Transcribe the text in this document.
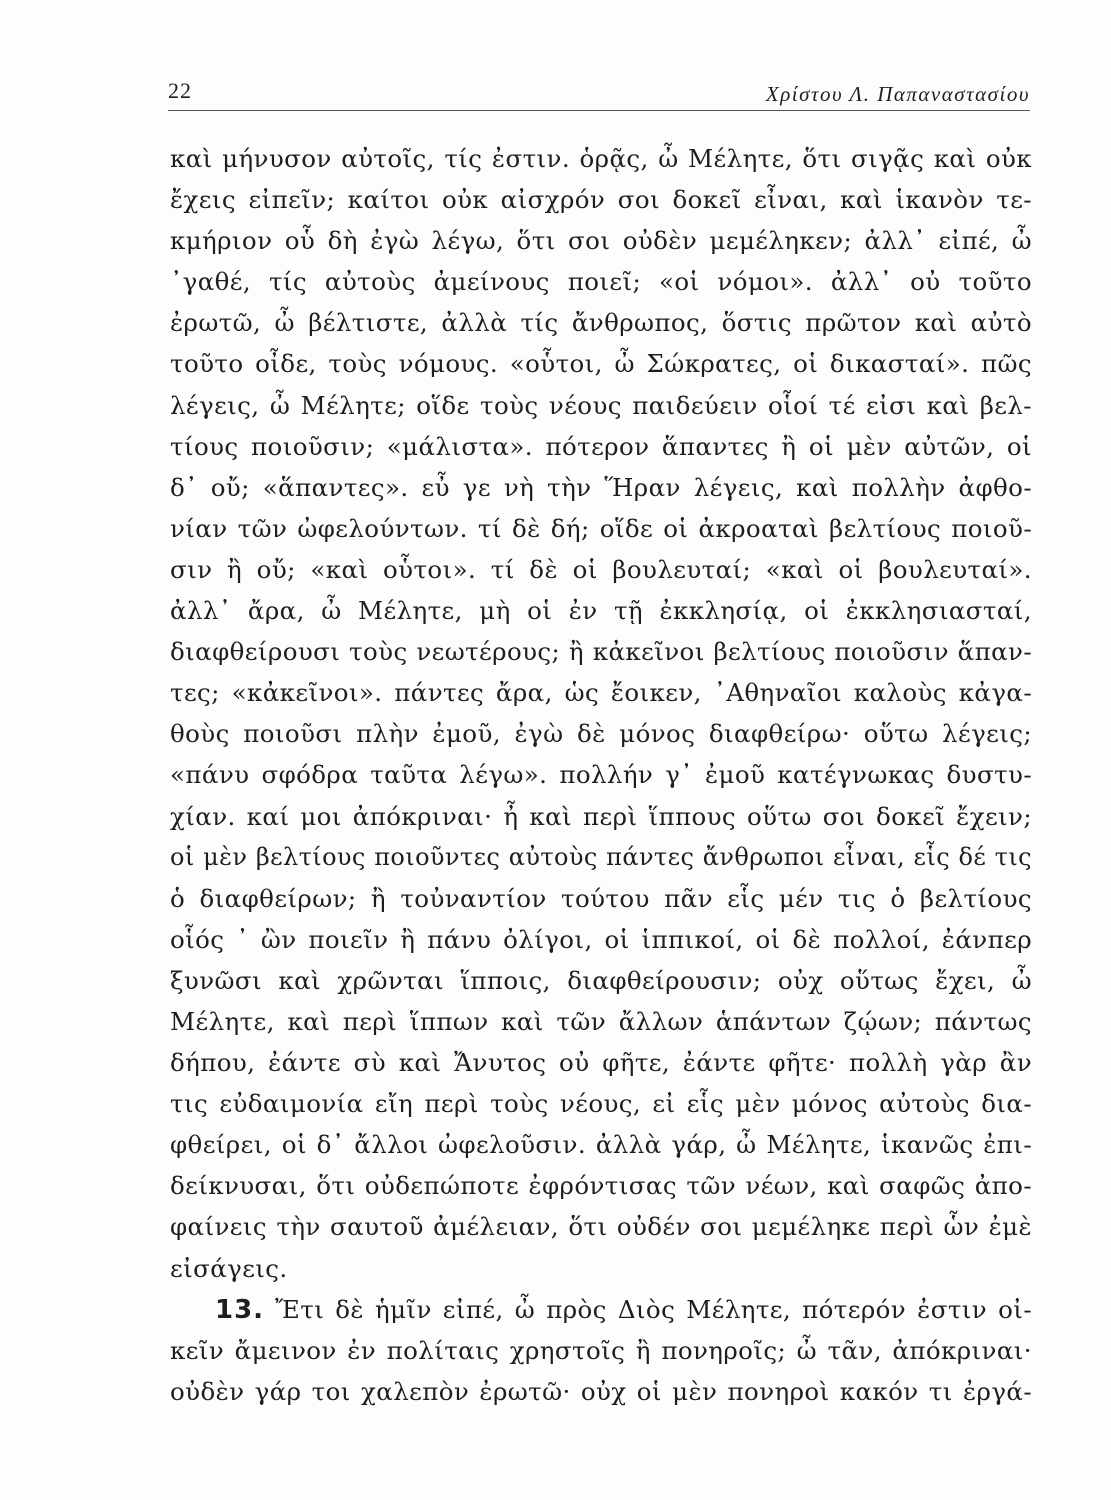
22	Χρίστου Λ. Παπαναστασίου
καὶ μήνυσον αὐτοῖς, τίς ἐστιν. ὁρᾷς, ὦ Μέλητε, ὅτι σιγᾷς καὶ οὐκ
ἔχεις εἰπεῖν; καίτοι οὐκ αἰσχρόν σοι δοκεῖ εἶναι, καὶ ἱκανὸν τε-
κμήριον οὗ δὴ ἐγὼ λέγω, ὅτι σοι οὐδὲν μεμέληκεν; ἀλλ᾿ εἰπέ, ὦ
᾿γαθέ, τίς αὐτοὺς ἀμείνους ποιεῖ; «οἱ νόμοι». ἀλλ᾿ οὐ τοῦτο
ἐρωτῶ, ὦ βέλτιστε, ἀλλὰ τίς ἄνθρωπος, ὅστις πρῶτον καὶ αὐτὸ
τοῦτο οἶδε, τοὺς νόμους. «οὗτοι, ὦ Σώκρατες, οἱ δικασταί». πῶς
λέγεις, ὦ Μέλητε; οἵδε τοὺς νέους παιδεύειν οἷοί τέ εἰσι καὶ βελ-
τίους ποιοῦσιν; «μάλιστα». πότερον ἅπαντες ἢ οἱ μὲν αὐτῶν, οἱ
δ᾿ οὔ; «ἅπαντες». εὖ γε νὴ τὴν Ἥραν λέγεις, καὶ πολλὴν ἀφθο-
νίαν τῶν ὠφελούντων. τί δὲ δή; οἵδε οἱ ἀκροαταὶ βελτίους ποιοῦ-
σιν ἢ οὔ; «καὶ οὗτοι». τί δὲ οἱ βουλευταί; «καὶ οἱ βουλευταί».
ἀλλ᾿ ἄρα, ὦ Μέλητε, μὴ οἱ ἐν τῇ ἐκκλησίᾳ, οἱ ἐκκλησιασταί,
διαφθείρουσι τοὺς νεωτέρους; ἢ κἀκεῖνοι βελτίους ποιοῦσιν ἅπαν-
τες; «κἀκεῖνοι». πάντες ἄρα, ὡς ἔοικεν, ᾿Αθηναῖοι καλοὺς κἀγα-
θοὺς ποιοῦσι πλὴν ἐμοῦ, ἐγὼ δὲ μόνος διαφθείρω· οὕτω λέγεις;
«πάνυ σφόδρα ταῦτα λέγω». πολλήν γ᾿ ἐμοῦ κατέγνωκας δυστυ-
χίαν. καί μοι ἀπόκριναι· ἦ καὶ περὶ ἵππους οὕτω σοι δοκεῖ ἔχειν;
οἱ μὲν βελτίους ποιοῦντες αὐτοὺς πάντες ἄνθρωποι εἶναι, εἷς δέ τις
ὁ διαφθείρων; ἢ τοὐναντίον τούτου πᾶν εἷς μέν τις ὁ βελτίους
οἷός ᾿ ὢν ποιεῖν ἢ πάνυ ὀλίγοι, οἱ ἱππικοί, οἱ δὲ πολλοί, ἐάνπερ
ξυνῶσι καὶ χρῶνται ἵπποις, διαφθείρουσιν; οὐχ οὕτως ἔχει, ὦ
Μέλητε, καὶ περὶ ἵππων καὶ τῶν ἄλλων ἁπάντων ζῴων; πάντως
δήπου, ἐάντε σὺ καὶ Ἄνυτος οὐ φῆτε, ἐάντε φῆτε· πολλὴ γὰρ ἂν
τις εὐδαιμονία εἴη περὶ τοὺς νέους, εἰ εἷς μὲν μόνος αὐτοὺς δια-
φθείρει, οἱ δ᾿ ἄλλοι ὠφελοῦσιν. ἀλλὰ γάρ, ὦ Μέλητε, ἱκανῶς ἐπι-
δείκνυσαι, ὅτι οὐδεπώποτε ἐφρόντισας τῶν νέων, καὶ σαφῶς ἀπο-
φαίνεις τὴν σαυτοῦ ἀμέλειαν, ὅτι οὐδέν σοι μεμέληκε περὶ ὧν ἐμὲ
εἰσάγεις.
13. Ἔτι δὲ ἡμῖν εἰπέ, ὦ πρὸς Διὸς Μέλητε, πότερόν ἐστιν οἰ-
κεῖν ἄμεινον ἐν πολίταις χρηστοῖς ἢ πονηροῖς; ὦ τᾶν, ἀπόκριναι·
οὐδὲν γάρ τοι χαλεπὸν ἐρωτῶ· οὐχ οἱ μὲν πονηροὶ κακόν τι ἐργά-
